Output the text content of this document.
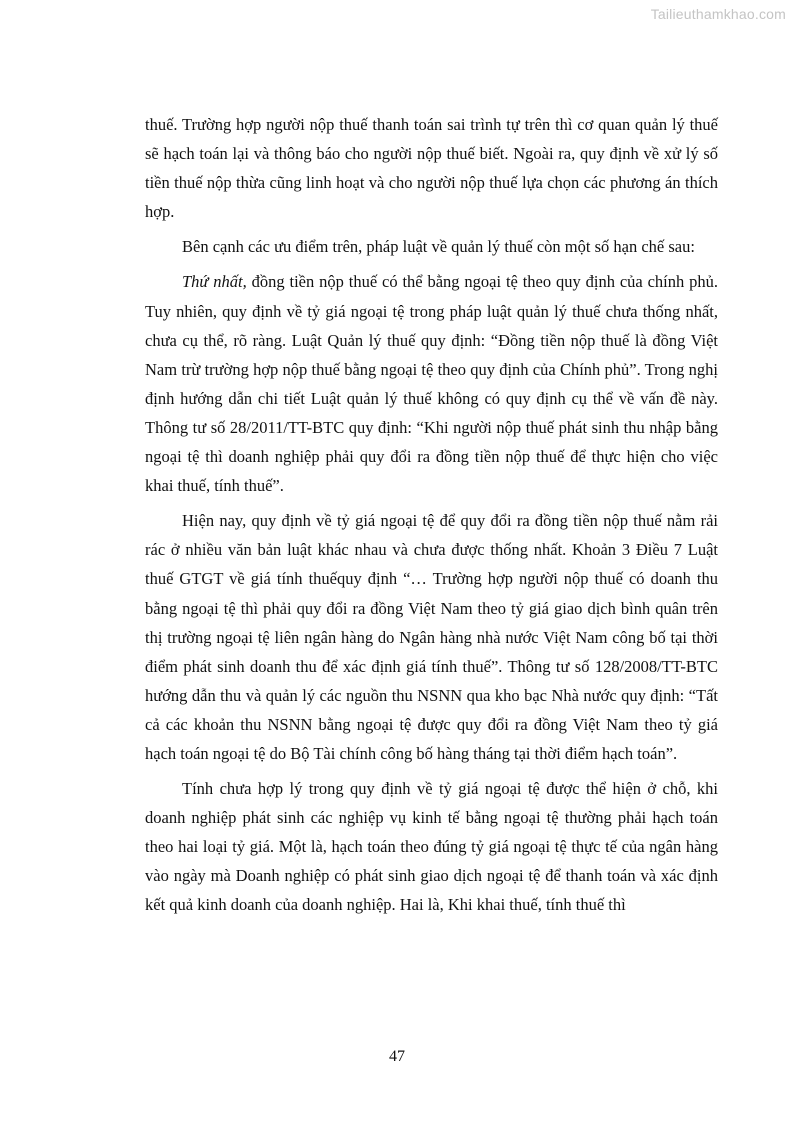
Tailieuthamkhao.com

thuế. Trường hợp người nộp thuế thanh toán sai trình tự trên thì cơ quan quản lý thuế sẽ hạch toán lại và thông báo cho người nộp thuế biết. Ngoài ra, quy định về xử lý số tiền thuế nộp thừa cũng linh hoạt và cho người nộp thuế lựa chọn các phương án thích hợp.

Bên cạnh các ưu điểm trên, pháp luật về quản lý thuế còn một số hạn chế sau:

Thứ nhất, đồng tiền nộp thuế có thể bằng ngoại tệ theo quy định của chính phủ. Tuy nhiên, quy định về tỷ giá ngoại tệ trong pháp luật quản lý thuế chưa thống nhất, chưa cụ thể, rõ ràng. Luật Quản lý thuế quy định: “Đồng tiền nộp thuế là đồng Việt Nam trừ trường hợp nộp thuế bằng ngoại tệ theo quy định của Chính phủ”. Trong nghị định hướng dẫn chi tiết Luật quản lý thuế không có quy định cụ thể về vấn đề này. Thông tư số 28/2011/TT-BTC quy định: “Khi người nộp thuế phát sinh thu nhập bằng ngoại tệ thì doanh nghiệp phải quy đổi ra đồng tiền nộp thuế để thực hiện cho việc khai thuế, tính thuế”.

Hiện nay, quy định về tỷ giá ngoại tệ để quy đổi ra đồng tiền nộp thuế nằm rải rác ở nhiều văn bản luật khác nhau và chưa được thống nhất. Khoản 3 Điều 7 Luật thuế GTGT về giá tính thuếquy định “… Trường hợp người nộp thuế có doanh thu bằng ngoại tệ thì phải quy đổi ra đồng Việt Nam theo tỷ giá giao dịch bình quân trên thị trường ngoại tệ liên ngân hàng do Ngân hàng nhà nước Việt Nam công bố tại thời điểm phát sinh doanh thu để xác định giá tính thuế”. Thông tư số 128/2008/TT-BTC hướng dẫn thu và quản lý các nguồn thu NSNN qua kho bạc Nhà nước quy định: “Tất cả các khoản thu NSNN bằng ngoại tệ được quy đổi ra đồng Việt Nam theo tỷ giá hạch toán ngoại tệ do Bộ Tài chính công bố hàng tháng tại thời điểm hạch toán”.

Tính chưa hợp lý trong quy định về tỷ giá ngoại tệ được thể hiện ở chỗ, khi doanh nghiệp phát sinh các nghiệp vụ kinh tế bằng ngoại tệ thường phải hạch toán theo hai loại tỷ giá. Một là, hạch toán theo đúng tỷ giá ngoại tệ thực tế của ngân hàng vào ngày mà Doanh nghiệp có phát sinh giao dịch ngoại tệ để thanh toán và xác định kết quả kinh doanh của doanh nghiệp. Hai là, Khi khai thuế, tính thuế thì

47
